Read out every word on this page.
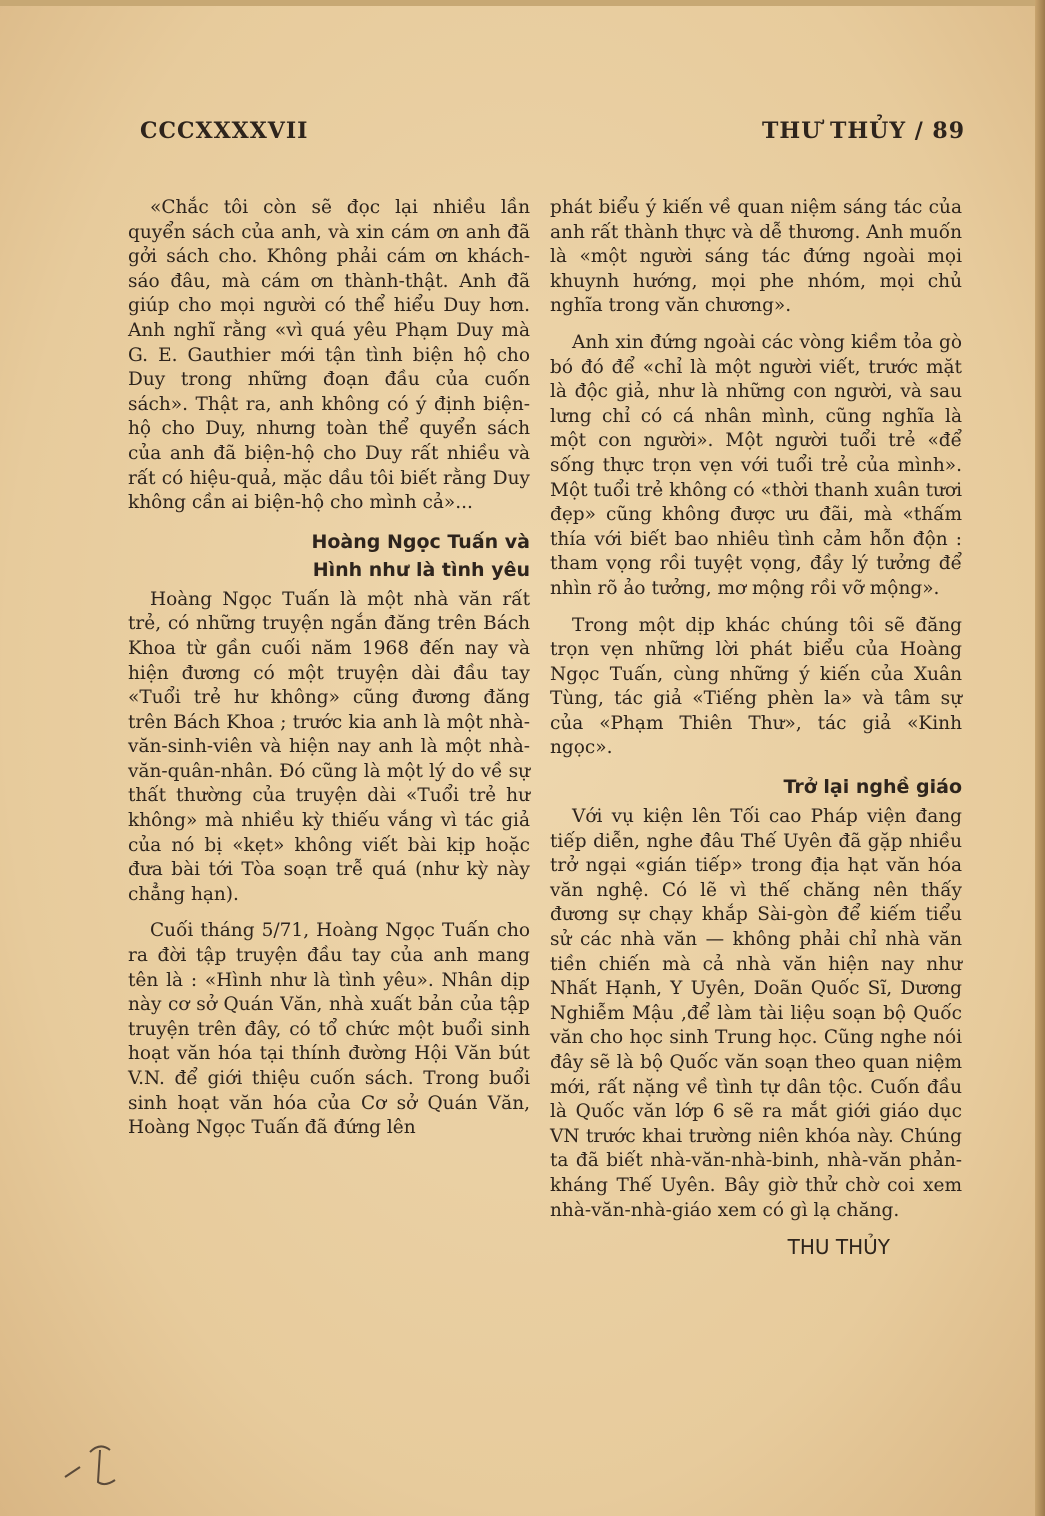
CCCXXXXVII	THƯ THỦY / 89

«Chắc tôi còn sẽ đọc lại nhiều lần quyển sách của anh, và xin cám ơn anh đã gởi sách cho. Không phải cám ơn khách-sáo đâu, mà cám ơn thành-thật. Anh đã giúp cho mọi người có thể hiểu Duy hơn. Anh nghĩ rằng «vì quá yêu Phạm Duy mà G. E. Gauthier mới tận tình biện hộ cho Duy trong những đoạn đầu của cuốn sách». Thật ra, anh không có ý định biện-hộ cho Duy, nhưng toàn thể quyển sách của anh đã biện-hộ cho Duy rất nhiều và rất có hiệu-quả, mặc dầu tôi biết rằng Duy không cần ai biện-hộ cho mình cả»...

Hoàng Ngọc Tuấn và
Hình như là tình yêu

Hoàng Ngọc Tuấn là một nhà văn rất trẻ, có những truyện ngắn đăng trên Bách Khoa từ gần cuối năm 1968 đến nay và hiện đương có một truyện dài đầu tay «Tuổi trẻ hư không» cũng đương đăng trên Bách Khoa ; trước kia anh là một nhà-văn-sinh-viên và hiện nay anh là một nhà-văn-quân-nhân. Đó cũng là một lý do về sự thất thường của truyện dài «Tuổi trẻ hư không» mà nhiều kỳ thiếu vắng vì tác giả của nó bị «kẹt» không viết bài kịp hoặc đưa bài tới Tòa soạn trễ quá (như kỳ này chẳng hạn).

Cuối tháng 5/71, Hoàng Ngọc Tuấn cho ra đời tập truyện đầu tay của anh mang tên là : «Hình như là tình yêu». Nhân dịp này cơ sở Quán Văn, nhà xuất bản của tập truyện trên đây, có tổ chức một buổi sinh hoạt văn hóa tại thính đường Hội Văn bút V.N. để giới thiệu cuốn sách. Trong buổi sinh hoạt văn hóa của Cơ sở Quán Văn, Hoàng Ngọc Tuấn đã đứng lên

phát biểu ý kiến về quan niệm sáng tác của anh rất thành thực và dễ thương. Anh muốn là «một người sáng tác đứng ngoài mọi khuynh hướng, mọi phe nhóm, mọi chủ nghĩa trong văn chương».

Anh xin đứng ngoài các vòng kiềm tỏa gò bó đó để «chỉ là một người viết, trước mặt là độc giả, như là những con người, và sau lưng chỉ có cá nhân mình, cũng nghĩa là một con người». Một người tuổi trẻ «để sống thực trọn vẹn với tuổi trẻ của mình». Một tuổi trẻ không có «thời thanh xuân tươi đẹp» cũng không được ưu đãi, mà «thấm thía với biết bao nhiêu tình cảm hỗn độn : tham vọng rồi tuyệt vọng, đầy lý tưởng để nhìn rõ ảo tưởng, mơ mộng rồi vỡ mộng».

Trong một dịp khác chúng tôi sẽ đăng trọn vẹn những lời phát biểu của Hoàng Ngọc Tuấn, cùng những ý kiến của Xuân Tùng, tác giả «Tiếng phèn la» và tâm sự của «Phạm Thiên Thư», tác giả «Kinh ngọc».

Trở lại nghề giáo

Với vụ kiện lên Tối cao Pháp viện đang tiếp diễn, nghe đâu Thế Uyên đã gặp nhiều trở ngại «gián tiếp» trong địa hạt văn hóa văn nghệ. Có lẽ vì thế chăng nên thấy đương sự chạy khắp Sài-gòn để kiếm tiểu sử các nhà văn — không phải chỉ nhà văn tiền chiến mà cả nhà văn hiện nay như Nhất Hạnh, Y Uyên, Doãn Quốc Sĩ, Dương Nghiễm Mậu ,để làm tài liệu soạn bộ Quốc văn cho học sinh Trung học. Cũng nghe nói đây sẽ là bộ Quốc văn soạn theo quan niệm mới, rất nặng về tình tự dân tộc. Cuốn đầu là Quốc văn lớp 6 sẽ ra mắt giới giáo dục VN trước khai trường niên khóa này. Chúng ta đã biết nhà-văn-nhà-binh, nhà-văn phản-kháng Thế Uyên. Bây giờ thử chờ coi xem nhà-văn-nhà-giáo xem có gì lạ chăng.

THU THỦY
